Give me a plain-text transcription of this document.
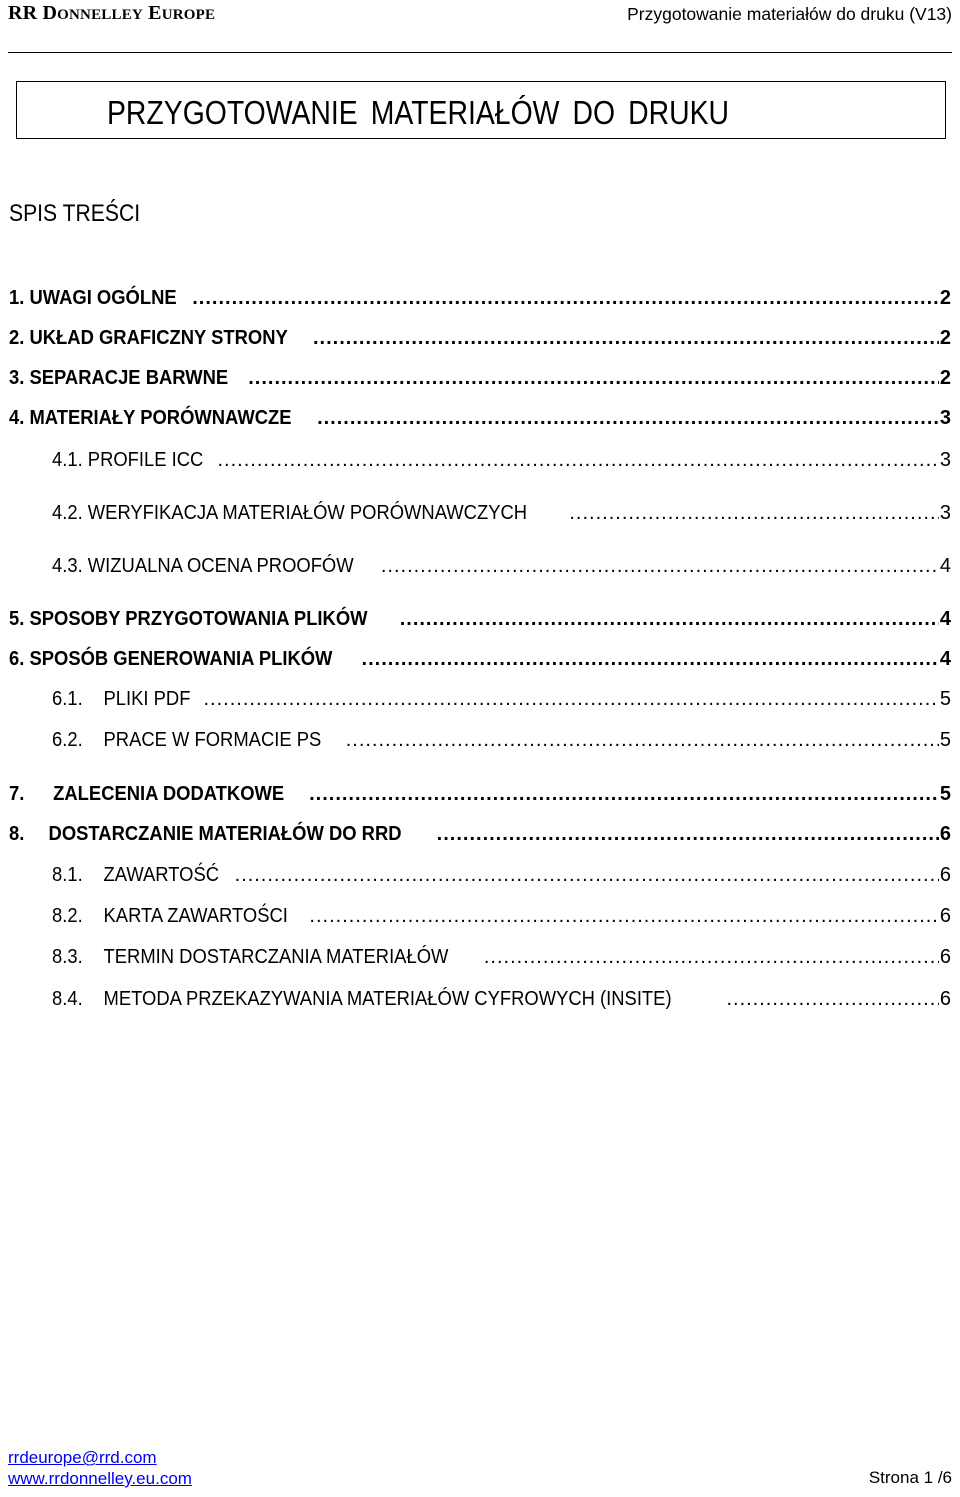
RR DONNELLEY EUROPE	Przygotowanie materiałów do druku (V13)
PRZYGOTOWANIE MATERIAŁÓW DO DRUKU
SPIS TREŚCI
1. UWAGI OGÓLNE .....	2
2. UKŁAD GRAFICZNY STRONY .....	2
3. SEPARACJE BARWNE .....	2
4. MATERIAŁY PORÓWNAWCZE .....	3
4.1. PROFILE ICC .....	3
4.2. WERYFIKACJA MATERIAŁÓW PORÓWNAWCZYCH .....	3
4.3. WIZUALNA OCENA PROOFÓW .....	4
5. SPOSOBY PRZYGOTOWANIA PLIKÓW .....	4
6. SPOSÓB GENEROWANIA PLIKÓW .....	4
6.1. PLIKI PDF .....	5
6.2. PRACE W FORMACIE PS .....	5
7. ZALECENIA DODATKOWE .....	5
8. DOSTARCZANIE MATERIAŁÓW DO RRD .....	6
8.1. ZAWARTOŚĆ .....	6
8.2. KARTA ZAWARTOŚCI .....	6
8.3. TERMIN DOSTARCZANIA MATERIAŁÓW .....	6
8.4. METODA PRZEKAZYWANIA MATERIAŁÓW CYFROWYCH (INSITE) .....	6
rrdeurope@rrd.com
www.rrdonnelley.eu.com	Strona 1 /6
